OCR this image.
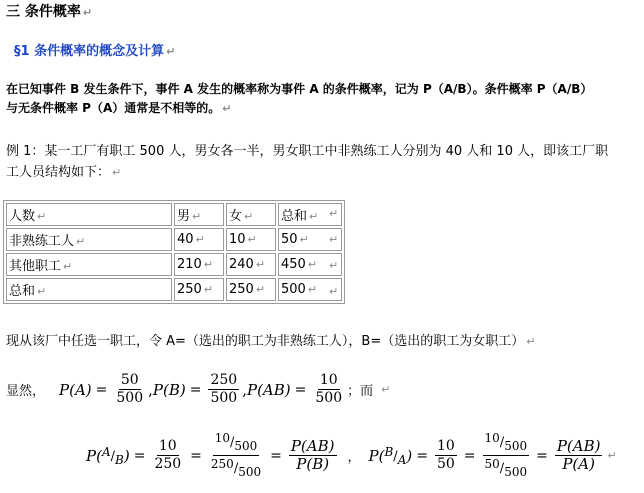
三 条件概率 ↵
§1 条件概率的概念及计算 ↵
在已知事件 B 发生条件下，事件 A 发生的概率称为事件 A 的条件概率，记为 P（A/B）。条件概率 P（A/B）
与无条件概率 P（A）通常是不相等的。 ↵
例 1：某一工厂有职工 500 人，男女各一半，男女职工中非熟练工人分别为 40 人和 10 人，即该工厂职
工人员结构如下： ↵
人数 ↵	男 ↵	女 ↵	总和 ↵
非熟练工人 ↵	40 ↵	10 ↵	50 ↵
其他职工 ↵	210 ↵	240 ↵	450 ↵
总和 ↵	250 ↵	250 ↵	500 ↵
↵
↵
↵
↵
现从该厂中任选一职工，令 A=（选出的职工为非熟练工人），B=（选出的职工为女职工） ↵
显然， $P(A) = \frac{50}{500}$ , $P(B) = \frac{250}{500}$ , $P(AB) = \frac{10}{500}$ ；而 ↵
P ( $^A/_B$ ) = $\frac{10}{250} = \frac{^{10}/_{500}}{^{250}/_{500}} = \frac{P(AB)}{P(B)}$ ， P ( $^B/_A$ ) = $\frac{10}{50} = \frac{^{10}/_{500}}{^{50}/_{500}} = \frac{P(AB)}{P(A)}$ ↵
